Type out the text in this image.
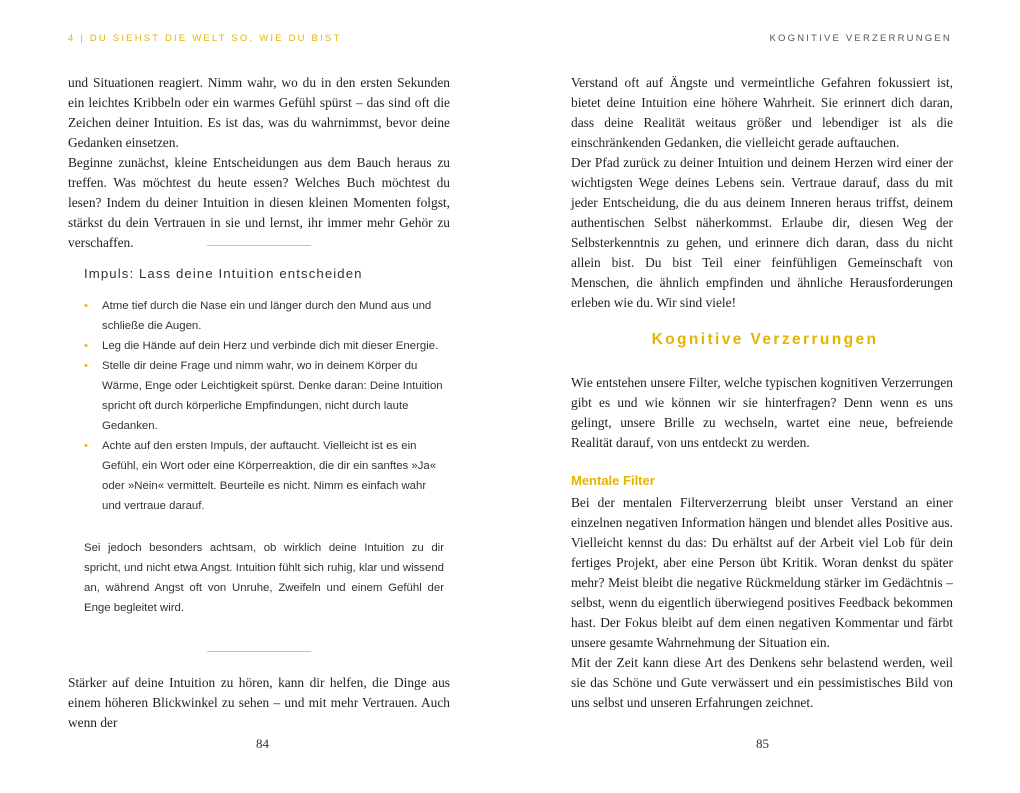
4 | DU SIEHST DIE WELT SO, WIE DU BIST

und Situationen reagiert. Nimm wahr, wo du in den ersten Sekunden ein leichtes Kribbeln oder ein warmes Gefühl spürst – das sind oft die Zeichen deiner Intuition. Es ist das, was du wahrnimmst, bevor deine Gedanken einsetzen.

Beginne zunächst, kleine Entscheidungen aus dem Bauch heraus zu treffen. Was möchtest du heute essen? Welches Buch möchtest du lesen? Indem du deiner Intuition in diesen kleinen Momenten folgst, stärkst du dein Vertrauen in sie und lernst, ihr immer mehr Gehör zu verschaffen.

Impuls: Lass deine Intuition entscheiden
• Atme tief durch die Nase ein und länger durch den Mund aus und schließe die Augen.
• Leg die Hände auf dein Herz und verbinde dich mit dieser Energie.
• Stelle dir deine Frage und nimm wahr, wo in deinem Körper du Wärme, Enge oder Leichtigkeit spürst. Denke daran: Deine Intuition spricht oft durch körperliche Empfindungen, nicht durch laute Gedanken.
• Achte auf den ersten Impuls, der auftaucht. Vielleicht ist es ein Gefühl, ein Wort oder eine Körperreaktion, die dir ein sanftes »Ja« oder »Nein« vermittelt. Beurteile es nicht. Nimm es einfach wahr und vertraue darauf.

Sei jedoch besonders achtsam, ob wirklich deine Intuition zu dir spricht, und nicht etwa Angst. Intuition fühlt sich ruhig, klar und wissend an, während Angst oft von Unruhe, Zweifeln und einem Gefühl der Enge begleitet wird.

Stärker auf deine Intuition zu hören, kann dir helfen, die Dinge aus einem höheren Blickwinkel zu sehen – und mit mehr Vertrauen. Auch wenn der

84
KOGNITIVE VERZERRUNGEN

Verstand oft auf Ängste und vermeintliche Gefahren fokussiert ist, bietet deine Intuition eine höhere Wahrheit. Sie erinnert dich daran, dass deine Realität weitaus größer und lebendiger ist als die einschränkenden Gedanken, die vielleicht gerade auftauchen.

Der Pfad zurück zu deiner Intuition und deinem Herzen wird einer der wichtigsten Wege deines Lebens sein. Vertraue darauf, dass du mit jeder Entscheidung, die du aus deinem Inneren heraus triffst, deinem authentischen Selbst näherkommst. Erlaube dir, diesen Weg der Selbsterkenntnis zu gehen, und erinnere dich daran, dass du nicht allein bist. Du bist Teil einer feinfühligen Gemeinschaft von Menschen, die ähnlich empfinden und ähnliche Herausforderungen erleben wie du. Wir sind viele!

Kognitive Verzerrungen

Wie entstehen unsere Filter, welche typischen kognitiven Verzerrungen gibt es und wie können wir sie hinterfragen? Denn wenn es uns gelingt, unsere Brille zu wechseln, wartet eine neue, befreiende Realität darauf, von uns entdeckt zu werden.

Mentale Filter

Bei der mentalen Filterverzerrung bleibt unser Verstand an einer einzelnen negativen Information hängen und blendet alles Positive aus. Vielleicht kennst du das: Du erhältst auf der Arbeit viel Lob für dein fertiges Projekt, aber eine Person übt Kritik. Woran denkst du später mehr? Meist bleibt die negative Rückmeldung stärker im Gedächtnis – selbst, wenn du eigentlich überwiegend positives Feedback bekommen hast. Der Fokus bleibt auf dem einen negativen Kommentar und färbt unsere gesamte Wahrnehmung der Situation ein.

Mit der Zeit kann diese Art des Denkens sehr belastend werden, weil sie das Schöne und Gute verwässert und ein pessimistisches Bild von uns selbst und unseren Erfahrungen zeichnet.

85
